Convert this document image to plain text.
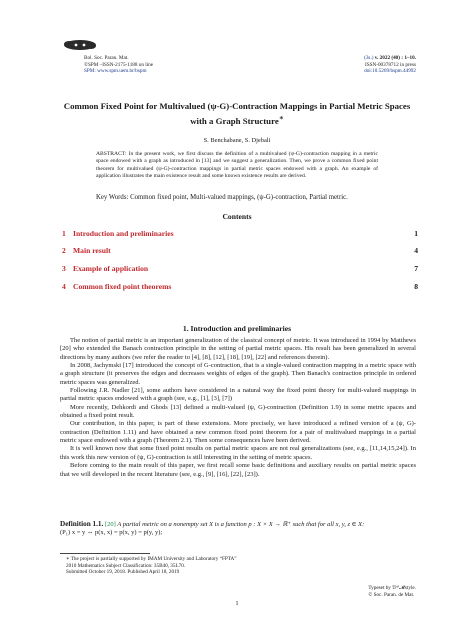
Bol. Soc. Paran. Mat.
©SPM –ISSN-2175-1188 on line
SPM: www.spm.uem.br/bspm
(3s.) v. 2022 (40) : 1–10.
ISSN-00378712 in press
doi:10.5269/bspm.44992
Common Fixed Point for Multivalued (ψ-G)-Contraction Mappings in Partial Metric Spaces with a Graph Structure∗
S. Benchabane, S. Djebali
ABSTRACT: In the present work, we first discuss the definition of a multivalued (ψ-G)-contraction mapping in a metric space endowed with a graph as introduced in [13] and we suggest a generalization. Then, we prove a common fixed point theorem for multivalued (ψ-G)-contraction mappings in partial metric spaces endowed with a graph. An example of application illustrates the main existence result and some known existence results are derived.
Key Words: Common fixed point, Multi-valued mappings, (ψ-G)-contraction, Partial metric.
Contents
1 Introduction and preliminaries	1
2 Main result	4
3 Example of application	7
4 Common fixed point theorems	8
1. Introduction and preliminaries

The notion of partial metric is an important generalization of the classical concept of metric. It was introduced in 1994 by Matthews [20] who extended the Banach contraction principle in the setting of partial metric spaces. His result has been generalized in several directions by many authors (we refer the reader to [4], [8], [12], [18], [19], [22] and references therein).

In 2008, Jachymski [17] introduced the concept of G-contraction, that is a single-valued contraction mapping in a metric space with a graph structure (it preserves the edges and decreases weights of edges of the graph). Then Banach's contraction principle in ordered metric spaces was generalized.

Following J.R. Nadler [21], some authors have considered in a natural way the fixed point theory for multi-valued mappings in partial metric spaces endowed with a graph (see, e.g., [1], [3], [7])

More recently, Dehkordi and Ghods [13] defined a multi-valued (ψ, G)-contraction (Definition 1.9) in some metric spaces and obtained a fixed point result.

Our contribution, in this paper, is part of these extensions. More precisely, we have introduced a refined version of a (ψ, G)-contraction (Definition 1.11) and have obtained a new common fixed point theorem for a pair of multivalued mappings in a partial metric space endowed with a graph (Theorem 2.1). Then some consequences have been derived.

It is well known now that some fixed point results on partial metric spaces are not real generalizations (see, e.g., [11,14,15,24]). In this work this new version of (ψ, G)-contraction is still interesting in the setting of metric spaces.

Before coming to the main result of this paper, we first recall some basic definitions and auxiliary results on partial metric spaces that we will developed in the recent literature (see, e.g., [9], [16], [22], [23]).

Definition 1.1. [20] A partial metric on a nonempty set X is a function p : X × X → ℝ⁺ such that for all x, y, z ∈ X:
(P₁) x = y ⇔ p(x, x) = p(x, y) = p(y, y);
∗ The project is partially supported by IMAM University and Laboratory “FPTA”
2010 Mathematics Subject Classification: 35B40, 35L70.
Submitted October 19, 2018. Published April 18, 2019
Typeset by ℬˢᴾ𝓜style.
© Soc. Paran. de Mat.
1
